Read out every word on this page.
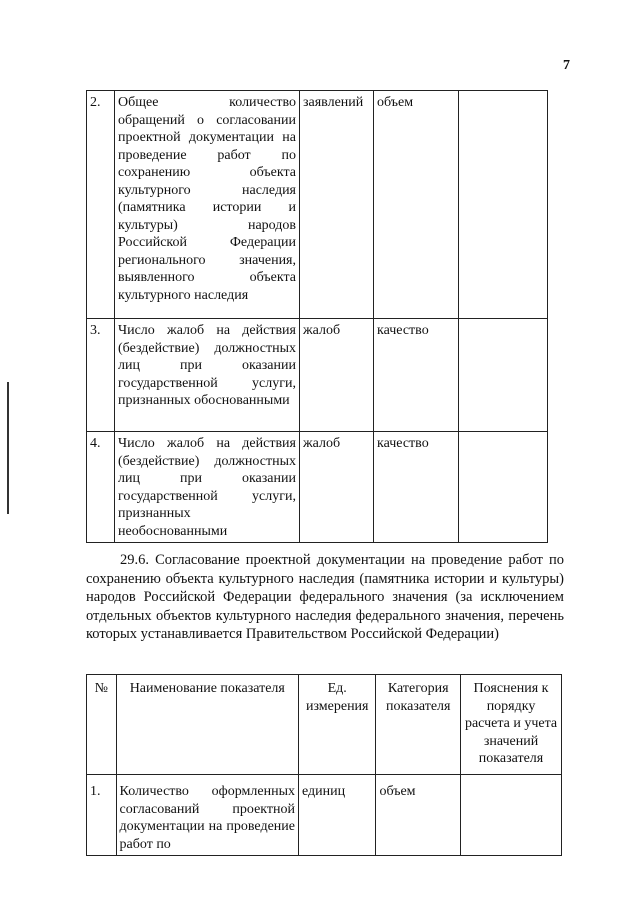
7
2.	Общее количество обращений о согласовании проектной документации на проведение работ по сохранению объекта культурного наследия (памятника истории и культуры) народов Российской Федерации регионального значения, выявленного объекта культурного наследия	заявлений	объем	
3.	Число жалоб на действия (бездействие) должностных лиц при оказании государственной услуги, признанных обоснованными	жалоб	качество	
4.	Число жалоб на действия (бездействие) должностных лиц при оказании государственной услуги, признанных необоснованными	жалоб	качество	
29.6. Согласование проектной документации на проведение работ по сохранению объекта культурного наследия (памятника истории и культуры) народов Российской Федерации федерального значения (за исключением отдельных объектов культурного наследия федерального значения, перечень которых устанавливается Правительством Российской Федерации)
№	Наименование показателя	Ед. измерения	Категория показателя	Пояснения к порядку расчета и учета значений показателя
1.	Количество оформленных согласований проектной документации на проведение работ по	единиц	объем	
